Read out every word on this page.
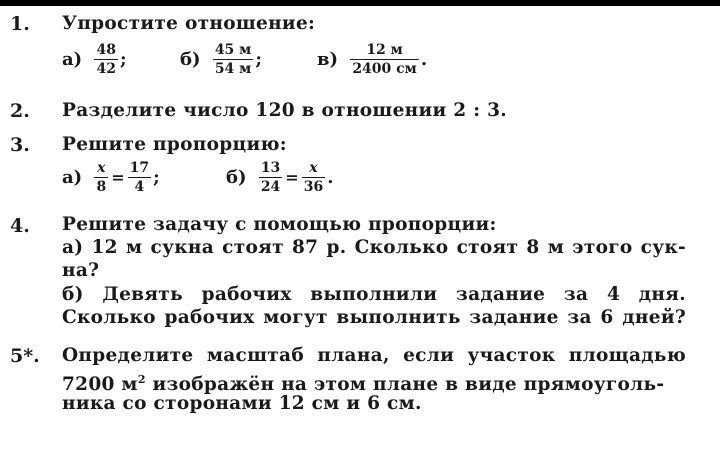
1. Упростите отношение:
$а) \frac{48}{42}$ ;	$б) \frac{45 м}{54 м}$ ;	$в) \frac{12 м}{2400 см}$ .
2. Разделите число 120 в отношении 2 : 3.
3. Решите пропорцию:
$а) \frac{x}{8} = \frac{17}{4}$ ;	$б) \frac{13}{24} = \frac{x}{36}$ .
4. Решите задачу с помощью пропорции:
а) 12 м сукна стоят 87 р. Сколько стоят 8 м этого сук-
на?
б) Девять рабочих выполнили задание за 4 дня.
Сколько рабочих могут выполнить задание за 6 дней?
5*. Определите масштаб плана, если участок площадью
7200 $м^2$ изображён на этом плане в виде прямоуголь-
ника со сторонами 12 см и 6 см.
